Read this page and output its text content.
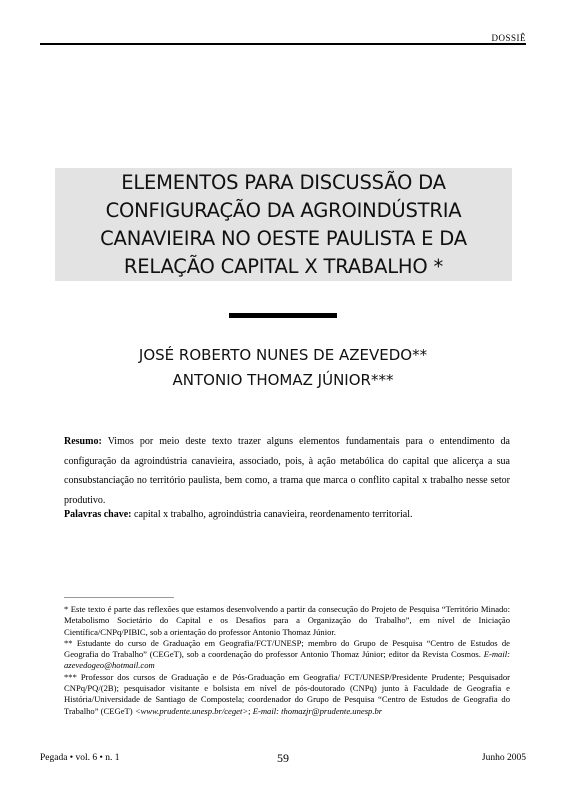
DOSSIÊ
ELEMENTOS PARA DISCUSSÃO DA
CONFIGURAÇÃO DA AGROINDÚSTRIA
CANAVIEIRA NO OESTE PAULISTA E DA
RELAÇÃO CAPITAL X TRABALHO *
JOSÉ ROBERTO NUNES DE AZEVEDO**
ANTONIO THOMAZ JÚNIOR***
Resumo: Vimos por meio deste texto trazer alguns elementos fundamentais para o entendimento da configuração da agroindústria canavieira, associado, pois, à ação metabólica do capital que alicerça a sua consubstanciação no território paulista, bem como, a trama que marca o conflito capital x trabalho nesse setor produtivo.
Palavras chave: capital x trabalho, agroindústria canavieira, reordenamento territorial.

* Este texto é parte das reflexões que estamos desenvolvendo a partir da consecução do Projeto de Pesquisa “Território Minado: Metabolismo Societário do Capital e os Desafios para a Organização do Trabalho”, em nível de Iniciação Científica/CNPq/PIBIC, sob a orientação do professor Antonio Thomaz Júnior.

** Estudante do curso de Graduação em Geografia/FCT/UNESP; membro do Grupo de Pesquisa “Centro de Estudos de Geografia do Trabalho” (CEGeT), sob a coordenação do professor Antonio Thomaz Júnior; editor da Revista Cosmos. E-mail: azevedogeo@hotmail.com

*** Professor dos cursos de Graduação e de Pós-Graduação em Geografia/ FCT/UNESP/Presidente Prudente; Pesquisador CNPq/PQ/(2B); pesquisador visitante e bolsista em nível de pós-doutorado (CNPq) junto à Faculdade de Geografia e História/Universidade de Santiago de Compostela; coordenador do Grupo de Pesquisa “Centro de Estudos de Geografia do Trabalho” (CEGeT) <www.prudente.unesp.br/ceget>; E-mail: thomazjr@prudente.unesp.br

Pegada • vol. 6 • n. 1	59	Junho 2005
